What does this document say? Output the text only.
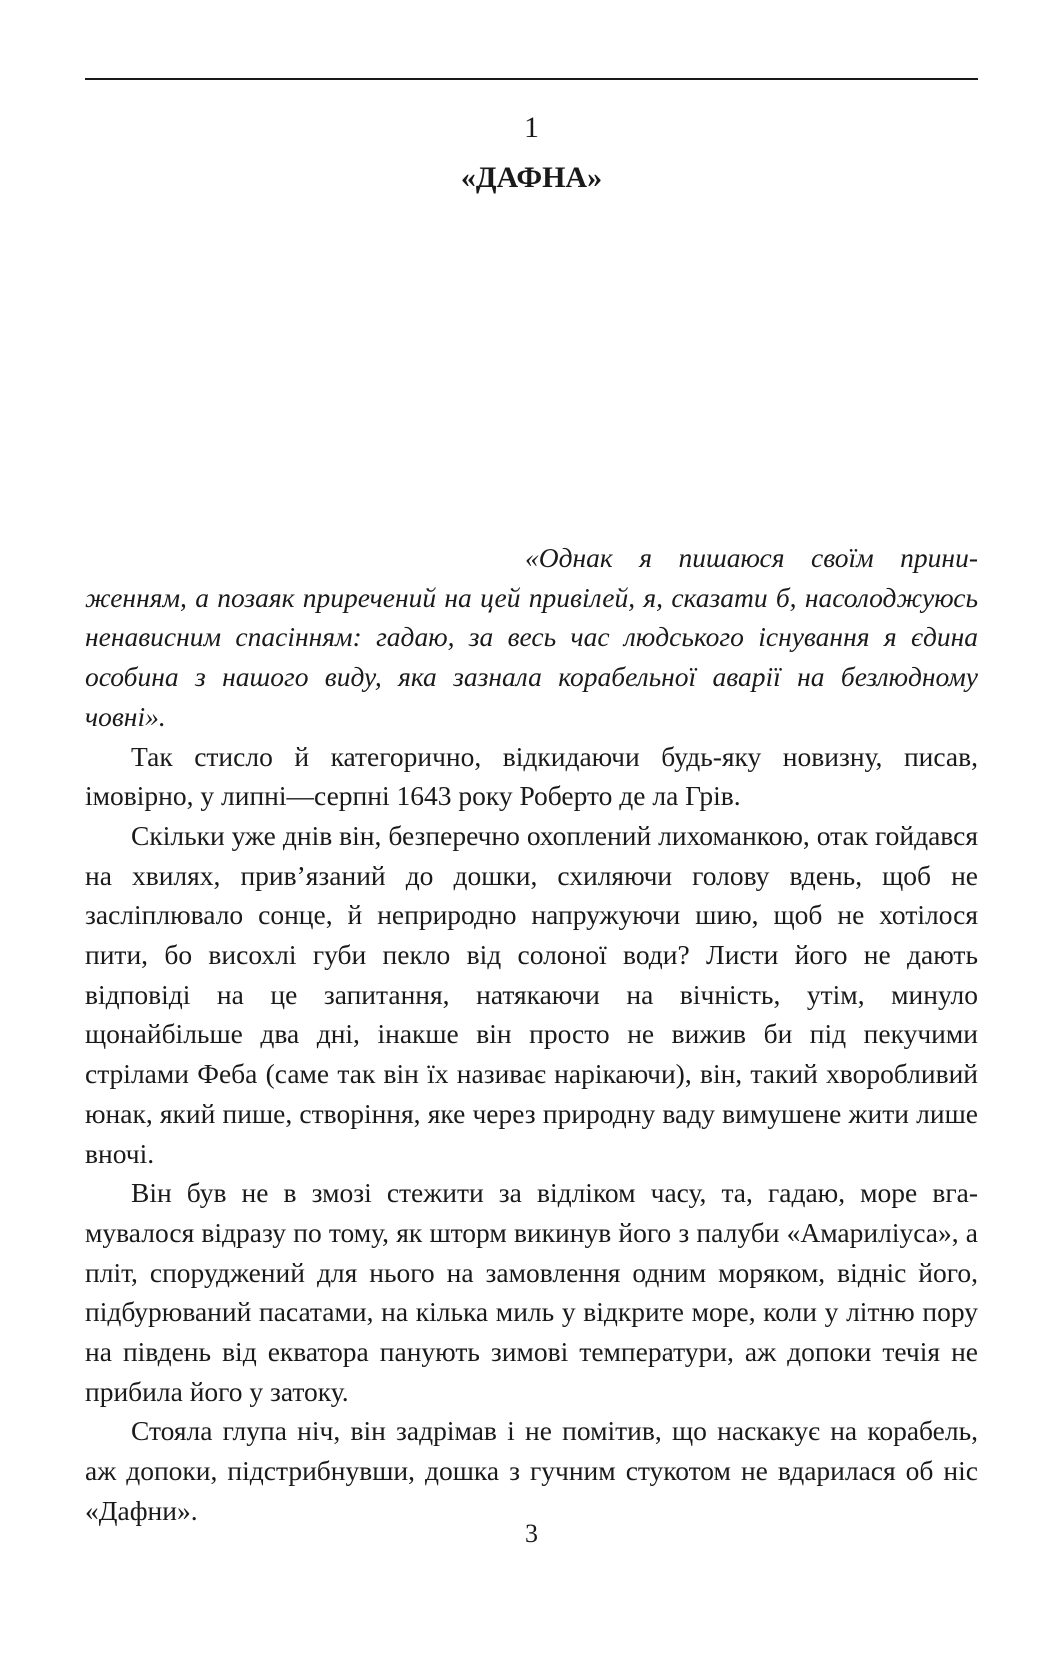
1
«ДАФНА»

«Однак я пишаюся своїм приниженням, а позаяк приречений на цей привілей, я, сказати б, насолоджуюсь ненависним спасінням: гадаю, за весь час людського існування я єдина особина з нашого виду, яка зазнала корабельної аварії на безлюдному човні».

Так стисло й категорично, відкидаючи будь-яку новизну, писав, імовірно, у липні—серпні 1643 року Роберто де ла Грів.

Скільки уже днів він, безперечно охоплений лихоманкою, отак гойдався на хвилях, прив’язаний до дошки, схиляючи голову вдень, щоб не засліплювало сонце, й неприродно напружуючи шию, щоб не хотілося пити, бо висохлі губи пекло від солоної води? Листи його не дають відповіді на це запитання, натякаючи на вічність, утім, минуло щонайбільше два дні, інакше він просто не вижив би під пекучими стрілами Феба (саме так він їх називає нарікаючи), він, такий хворобливий юнак, який пише, створіння, яке через природну ваду вимушене жити лише вночі.

Він був не в змозі стежити за відліком часу, та, гадаю, море вгамувалося відразу по тому, як шторм викинув його з палуби «Амарилiуса», а пліт, споруджений для нього на замовлення одним моряком, відніс його, підбурюваний пасатами, на кілька миль у відкрите море, коли у літню пору на південь від екватора панують зимові температури, аж допоки течія не прибила його у затоку.

Стояла глупа ніч, він задрімав і не помітив, що наскакує на корабель, аж допоки, підстрибнувши, дошка з гучним стукотом не вдарилася об ніс «Дафни».

3
